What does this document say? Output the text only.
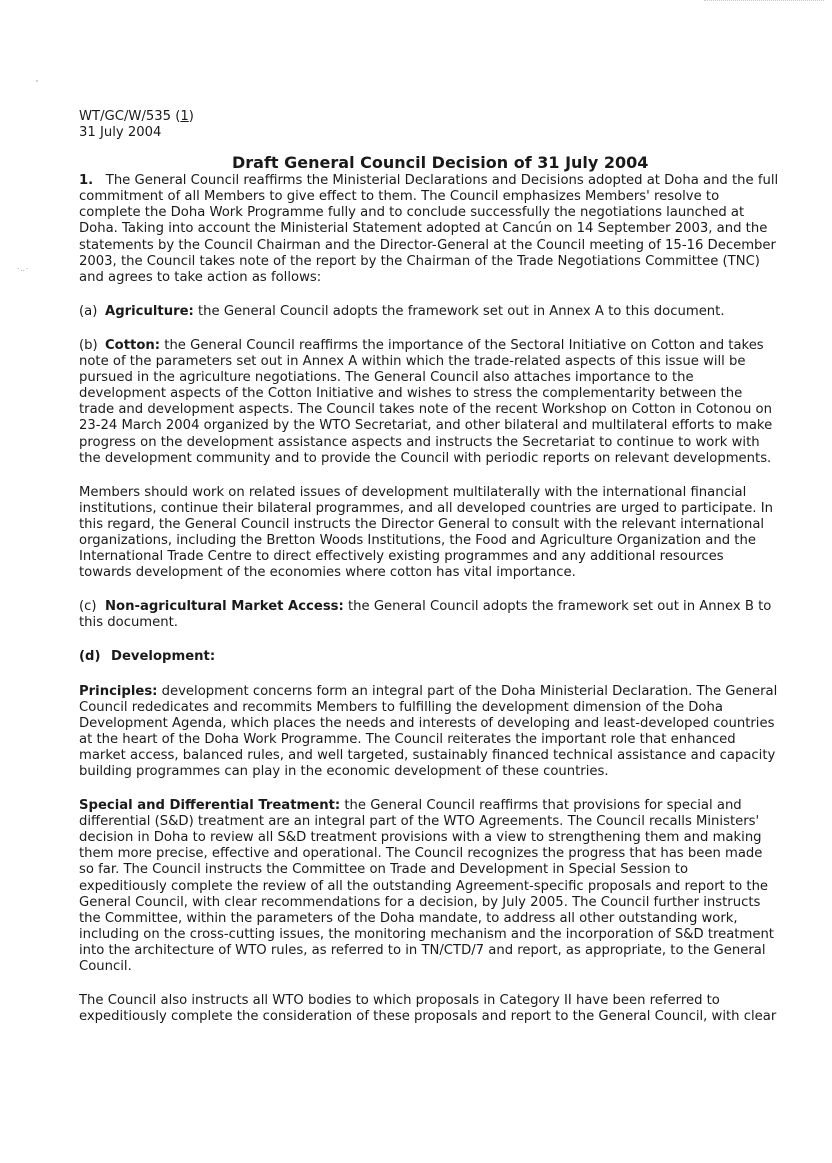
·‥·

WT/GC/W/535 (1)

31 July 2004

Draft General Council Decision of 31 July 2004

1. The General Council reaffirms the Ministerial Declarations and Decisions adopted at Doha and the full commitment of all Members to give effect to them. The Council emphasizes Members' resolve to complete the Doha Work Programme fully and to conclude successfully the negotiations launched at Doha. Taking into account the Ministerial Statement adopted at Cancún on 14 September 2003, and the statements by the Council Chairman and the Director-General at the Council meeting of 15-16 December 2003, the Council takes note of the report by the Chairman of the Trade Negotiations Committee (TNC) and agrees to take action as follows:

(a) Agriculture: the General Council adopts the framework set out in Annex A to this document.

(b) Cotton: the General Council reaffirms the importance of the Sectoral Initiative on Cotton and takes note of the parameters set out in Annex A within which the trade-related aspects of this issue will be pursued in the agriculture negotiations. The General Council also attaches importance to the development aspects of the Cotton Initiative and wishes to stress the complementarity between the trade and development aspects. The Council takes note of the recent Workshop on Cotton in Cotonou on 23-24 March 2004 organized by the WTO Secretariat, and other bilateral and multilateral efforts to make progress on the development assistance aspects and instructs the Secretariat to continue to work with the development community and to provide the Council with periodic reports on relevant developments.

Members should work on related issues of development multilaterally with the international financial institutions, continue their bilateral programmes, and all developed countries are urged to participate. In this regard, the General Council instructs the Director General to consult with the relevant international organizations, including the Bretton Woods Institutions, the Food and Agriculture Organization and the International Trade Centre to direct effectively existing programmes and any additional resources towards development of the economies where cotton has vital importance.

(c) Non-agricultural Market Access: the General Council adopts the framework set out in Annex B to this document.

(d) Development:

Principles: development concerns form an integral part of the Doha Ministerial Declaration. The General Council rededicates and recommits Members to fulfilling the development dimension of the Doha Development Agenda, which places the needs and interests of developing and least-developed countries at the heart of the Doha Work Programme. The Council reiterates the important role that enhanced market access, balanced rules, and well targeted, sustainably financed technical assistance and capacity building programmes can play in the economic development of these countries.

Special and Differential Treatment: the General Council reaffirms that provisions for special and differential (S&D) treatment are an integral part of the WTO Agreements. The Council recalls Ministers' decision in Doha to review all S&D treatment provisions with a view to strengthening them and making them more precise, effective and operational. The Council recognizes the progress that has been made so far. The Council instructs the Committee on Trade and Development in Special Session to expeditiously complete the review of all the outstanding Agreement-specific proposals and report to the General Council, with clear recommendations for a decision, by July 2005. The Council further instructs the Committee, within the parameters of the Doha mandate, to address all other outstanding work, including on the cross-cutting issues, the monitoring mechanism and the incorporation of S&D treatment into the architecture of WTO rules, as referred to in TN/CTD/7 and report, as appropriate, to the General Council.

The Council also instructs all WTO bodies to which proposals in Category II have been referred to expeditiously complete the consideration of these proposals and report to the General Council, with clear
